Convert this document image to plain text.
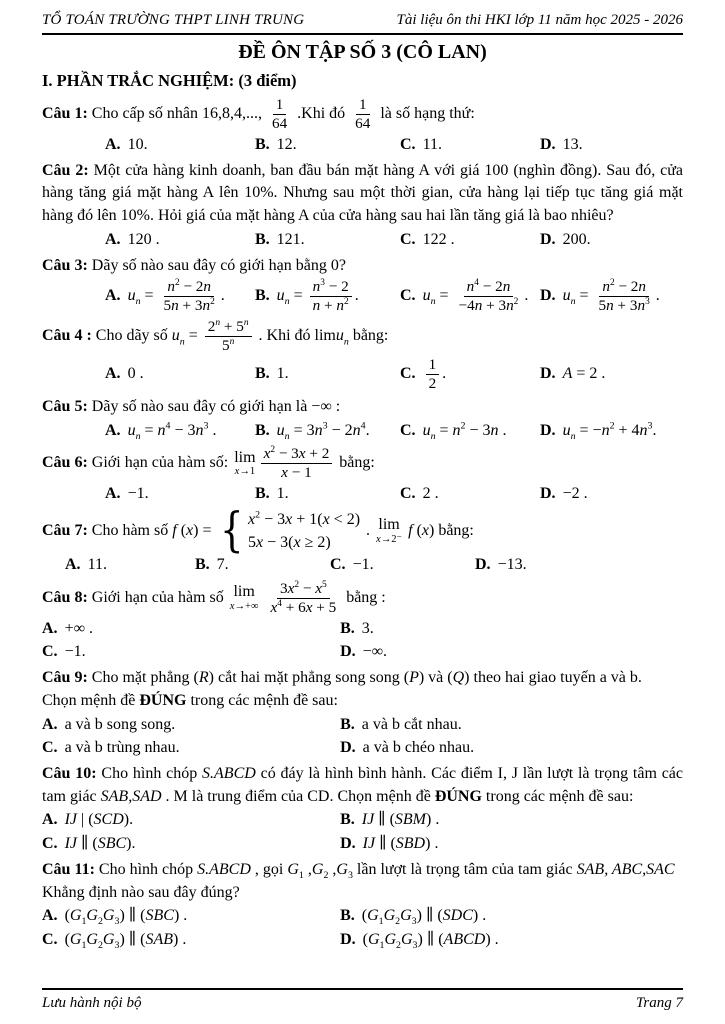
TỔ TOÁN TRƯỜNG THPT LINH TRUNG	Tài liệu ôn thi HKI lớp 11 năm học 2025 - 2026
ĐỀ ÔN TẬP SỐ 3 (CÔ LAN)
I. PHẦN TRẮC NGHIỆM: (3 điểm)

Câu 1: Cho cấp số nhân 16,8,4,..., $\frac{1}{64} .Khi$ đó $\frac{1}{64}$ là số hạng thứ:

A. 10.	B. 12.	C. 11.	D. 13.

Câu 2: Một cửa hàng kinh doanh, ban đầu bán mặt hàng A với giá 100 (nghìn đồng). Sau đó, cửa hàng tăng giá mặt hàng A lên 10%. Nhưng sau một thời gian, cửa hàng lại tiếp tục tăng giá mặt hàng đó lên 10%. Hỏi giá của mặt hàng A của cửa hàng sau hai lần tăng giá là bao nhiêu?

A. 120 .	B. 121.	C. 122 .	D. 200.

Câu 3: Dãy số nào sau đây có giới hạn bằng 0?

A. $u_n = \frac{n^2 - 2n}{5n + 3n^2}$ .	B. $u_n = \frac{n^3 - 2}{n + n^2}$ .	C. $u_n = \frac{n^4 - 2n}{-4n + 3n^2}$ . D. $u_n = \frac{n^2 - 2n}{5n + 3n^3}$ .

Câu 4 : Cho dãy số $u_n = \frac{2^n + 5^n}{5^n}$ . Khi đó limu$_n$ bằng:

A. 0 .	B. 1.	C. $\frac{1}{2}$ .	D. A = 2 .

Câu 5: Dãy số nào sau đây có giới hạn là −∞ :

A. $u_n = n^4 - 3n^3$ .	B. $u_n = 3n^3 - 2n^4$.	C. $u_n = n^2 - 3n$ .	D. $u_n = -n^2 + 4n^3$.

Câu 6: Giới hạn của hàm số: lim
$x\to 1 \frac{x^2 - 3x + 2}{x - 1}$ bằng:

A. −1.	B. 1.	C. 2 .	D. −2 .

Câu 7: Cho hàm số f (x) = { $x^2 - 3x + 1(x < 2)$
5x − 3(x ≥ 2)
. lim
x→2⁻
f (x) bằng:

A. 11.	B. 7.	C. −1.	D. −13.

Câu 8: Giới hạn của hàm số lim
x→+∞
$\frac{3x^2 - x^5}{x^4 + 6x + 5}$ bằng :

A. +∞ .	B. 3.
C. −1.	D. −∞.

Câu 9: Cho mặt phẳng (R) cắt hai mặt phẳng song song (P) và (Q) theo hai giao tuyến a và b.

Chọn mệnh đề ĐÚNG trong các mệnh đề sau:

A. a và b song song.	B. a và b cắt nhau.
C. a và b trùng nhau.	D. a và b chéo nhau.

Câu 10: Cho hình chóp S.ABCD có đáy là hình bình hành. Các điểm I, J lần lượt là trọng tâm các tam giác SAB,SAD . M là trung điểm của CD. Chọn mệnh đề ĐÚNG trong các mệnh đề sau:

A. IJ | (SCD).	B. IJ ∥ (SBM) .
C. IJ ∥ (SBC).	D. IJ ∥ (SBD) .

Câu 11: Cho hình chóp S.ABCD , gọi $G_1$ $,G_2$ $,G_3$ lần lượt là trọng tâm của tam giác SAB, ABC,SAC

Khẳng định nào sau đây đúng?

A. $(G_1G_2G_3)$ ∥ (SBC) .	B. $(G_1G_2G_3)$ ∥ (SDC) .
C. $(G_1G_2G_3)$ ∥ (SAB) .	D. $(G_1G_2G_3)$ ∥ (ABCD) .
Lưu hành nội bộ	Trang 7
